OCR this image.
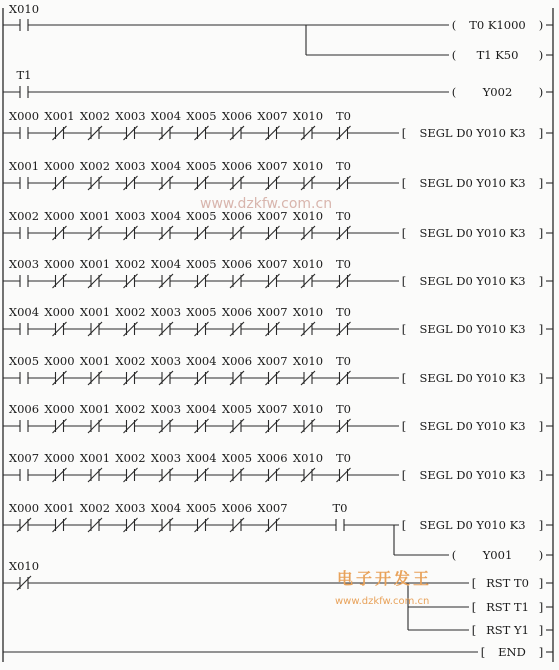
X010
(	)
T0 K1000
(	)
T1 K50
T1
(	)
Y002
X000 X001 X002 X003 X004 X005 X006 X007 X010 T0
[	]
SEGL D0 Y010 K3
X001 X000 X002 X003 X004 X005 X006 X007 X010 T0
[	]
SEGL D0 Y010 K3
X002 X000 X001 X003 X004 X005 X006 X007 X010 T0
[	]
SEGL D0 Y010 K3
X003 X000 X001 X002 X004 X005 X006 X007 X010 T0
[	]
SEGL D0 Y010 K3
X004 X000 X001 X002 X003 X005 X006 X007 X010 T0
[	]
SEGL D0 Y010 K3
X005 X000 X001 X002 X003 X004 X006 X007 X010 T0
[	]
SEGL D0 Y010 K3
X006 X000 X001 X002 X003 X004 X005 X007 X010 T0
[	]
SEGL D0 Y010 K3
X007 X000 X001 X002 X003 X004 X005 X006 X010 T0
[	]
SEGL D0 Y010 K3
X000 X001 X002 X003 X004 X005 X006 X007	T0
[	]
SEGL D0 Y010 K3
(	)
Y001
X010
[	]
RST T0
[	]
RST T1
[	]
RST Y1
[	]
END
www.dzkfw.com.cn
电子开发王
www.dzkfw.com.cn
